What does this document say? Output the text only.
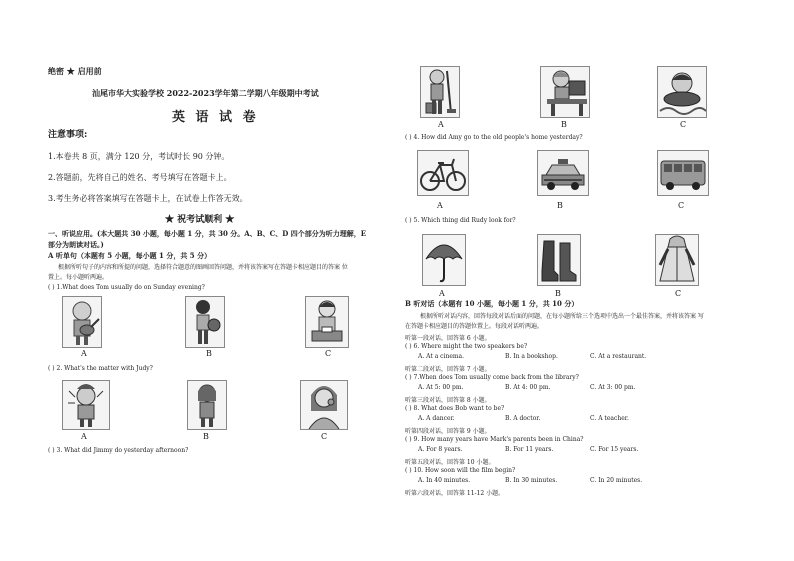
绝密 ★ 启用前
汕尾市华大实验学校 2022-2023学年第二学期八年级期中考试
英 语 试 卷
注意事项:
1.本卷共 8 页，满分 120 分，考试时长 90 分钟。
2.答题前，先将自己的姓名、考号填写在答题卡上。
3.考生务必将答案填写在答题卡上，在试卷上作答无效。
★ 祝考试顺利 ★
一、听说应用。(本大题共 30 小题，每小题 1 分，共 30 分。A、B、C、D 四个部分为听力理解，E
部分为朗读对话。)
A 听单句（本题有 5 小题，每小题 1 分，共 5 分）
根据所听句子的内容和所提的问题，选择符合题意的图画回答问题，并将该答案写在答题卡相应题目的答案 位
置上。每小题听两遍。
( ) 1.What does Tom usually do on Sunday evening?
A	B	C
( ) 2. What's the matter with Judy?
A	B	C
( ) 3. What did Jimmy do yesterday afternoon?
A	B	C
( ) 4. How did Amy go to the old people's home yesterday?
A	B	C
( ) 5. Which thing did Rudy look for?
A	B	C
B 听对话（本题有 10 小题，每小题 1 分，共 10 分）
根据所听对话内容，回答每段对话后面的问题，在每小题所给三个选项中选出一个最佳答案，并将该答案 写
在答题卡相应题目的答题位置上。每段对话听两遍。
听第一段对话，回答第 6 小题。
( ) 6. Where might the two speakers be?
A. At a cinema.	B. In a bookshop.	C. At a restaurant.
听第二段对话，回答第 7 小题。
( ) 7.When does Tom usually come back from the library?
A. At 5: 00 pm.	B. At 4: 00 pm.	C. At 3: 00 pm.
听第三段对话，回答第 8 小题。
( ) 8. What does Bob want to be?
A. A dancer.	B. A doctor.	C. A teacher.
听第四段对话，回答第 9 小题。
( ) 9. How many years have Mark's parents been in China?
A. For 8 years.	B. For 11 years.	C. For 15 years.
听第五段对话，回答第 10 小题。
( ) 10. How soon will the film begin?
A. In 40 minutes.	B. In 30 minutes.	C. In 20 minutes.
听第六段对话，回答第 11-12 小题。
